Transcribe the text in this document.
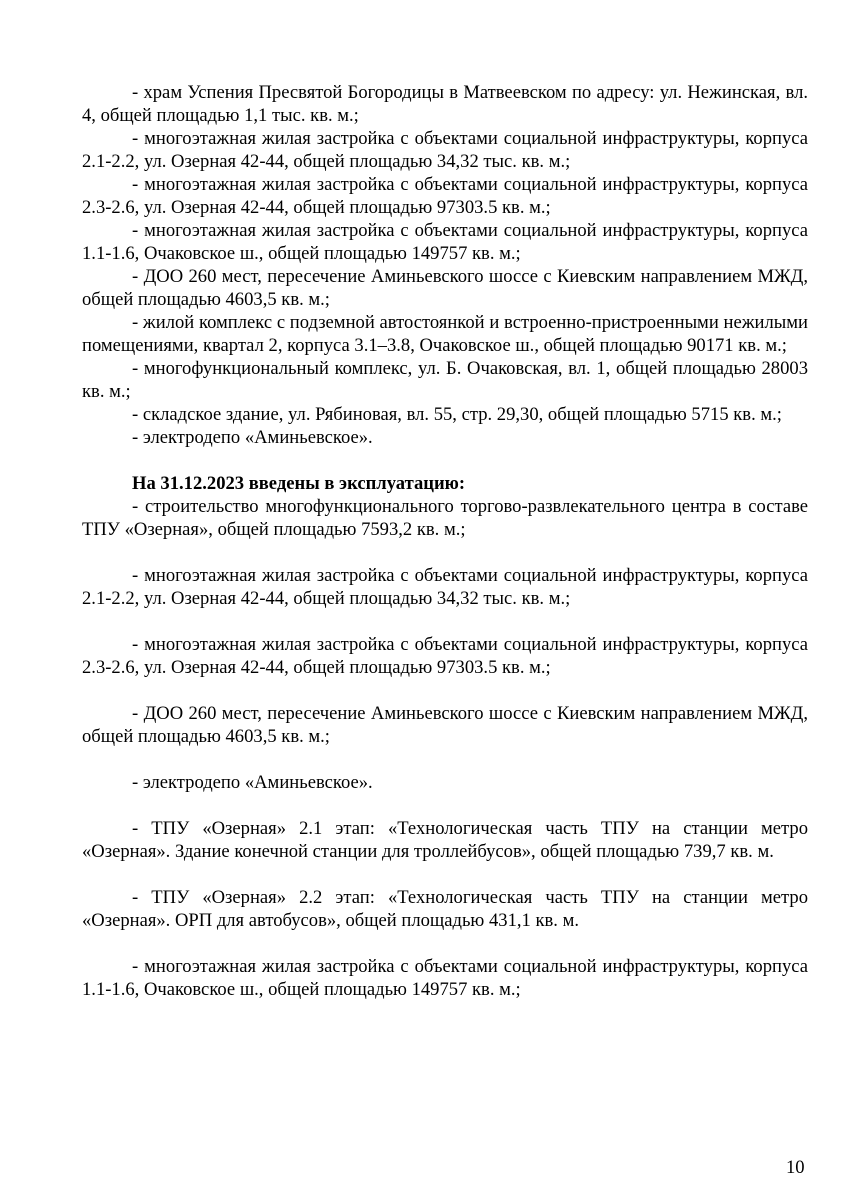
- храм Успения Пресвятой Богородицы в Матвеевском по адресу: ул. Нежинская, вл. 4, общей площадью 1,1 тыс. кв. м.;

- многоэтажная жилая застройка с объектами социальной инфраструктуры, корпуса 2.1-2.2, ул. Озерная 42-44, общей площадью 34,32 тыс. кв. м.;

- многоэтажная жилая застройка с объектами социальной инфраструктуры, корпуса 2.3-2.6, ул. Озерная 42-44, общей площадью 97303.5 кв. м.;

- многоэтажная жилая застройка с объектами социальной инфраструктуры, корпуса 1.1-1.6, Очаковское ш., общей площадью 149757 кв. м.;

- ДОО 260 мест, пересечение Аминьевского шоссе с Киевским направлением МЖД, общей площадью 4603,5 кв. м.;

- жилой комплекс с подземной автостоянкой и встроенно-пристроенными нежилыми помещениями, квартал 2, корпуса 3.1–3.8, Очаковское ш., общей площадью 90171 кв. м.;

- многофункциональный комплекс, ул. Б. Очаковская, вл. 1, общей площадью 28003 кв. м.;

- складское здание, ул. Рябиновая, вл. 55, стр. 29,30, общей площадью 5715 кв. м.;

- электродепо «Аминьевское».

На 31.12.2023 введены в эксплуатацию:

- строительство многофункционального торгово-развлекательного центра в составе ТПУ «Озерная», общей площадью 7593,2 кв. м.;

- многоэтажная жилая застройка с объектами социальной инфраструктуры, корпуса 2.1-2.2, ул. Озерная 42-44, общей площадью 34,32 тыс. кв. м.;

- многоэтажная жилая застройка с объектами социальной инфраструктуры, корпуса 2.3-2.6, ул. Озерная 42-44, общей площадью 97303.5 кв. м.;

- ДОО 260 мест, пересечение Аминьевского шоссе с Киевским направлением МЖД, общей площадью 4603,5 кв. м.;

- электродепо «Аминьевское».

- ТПУ «Озерная» 2.1 этап: «Технологическая часть ТПУ на станции метро «Озерная». Здание конечной станции для троллейбусов», общей площадью 739,7 кв. м.

- ТПУ «Озерная» 2.2 этап: «Технологическая часть ТПУ на станции метро «Озерная». ОРП для автобусов», общей площадью 431,1 кв. м.

- многоэтажная жилая застройка с объектами социальной инфраструктуры, корпуса 1.1-1.6, Очаковское ш., общей площадью 149757 кв. м.;

10
